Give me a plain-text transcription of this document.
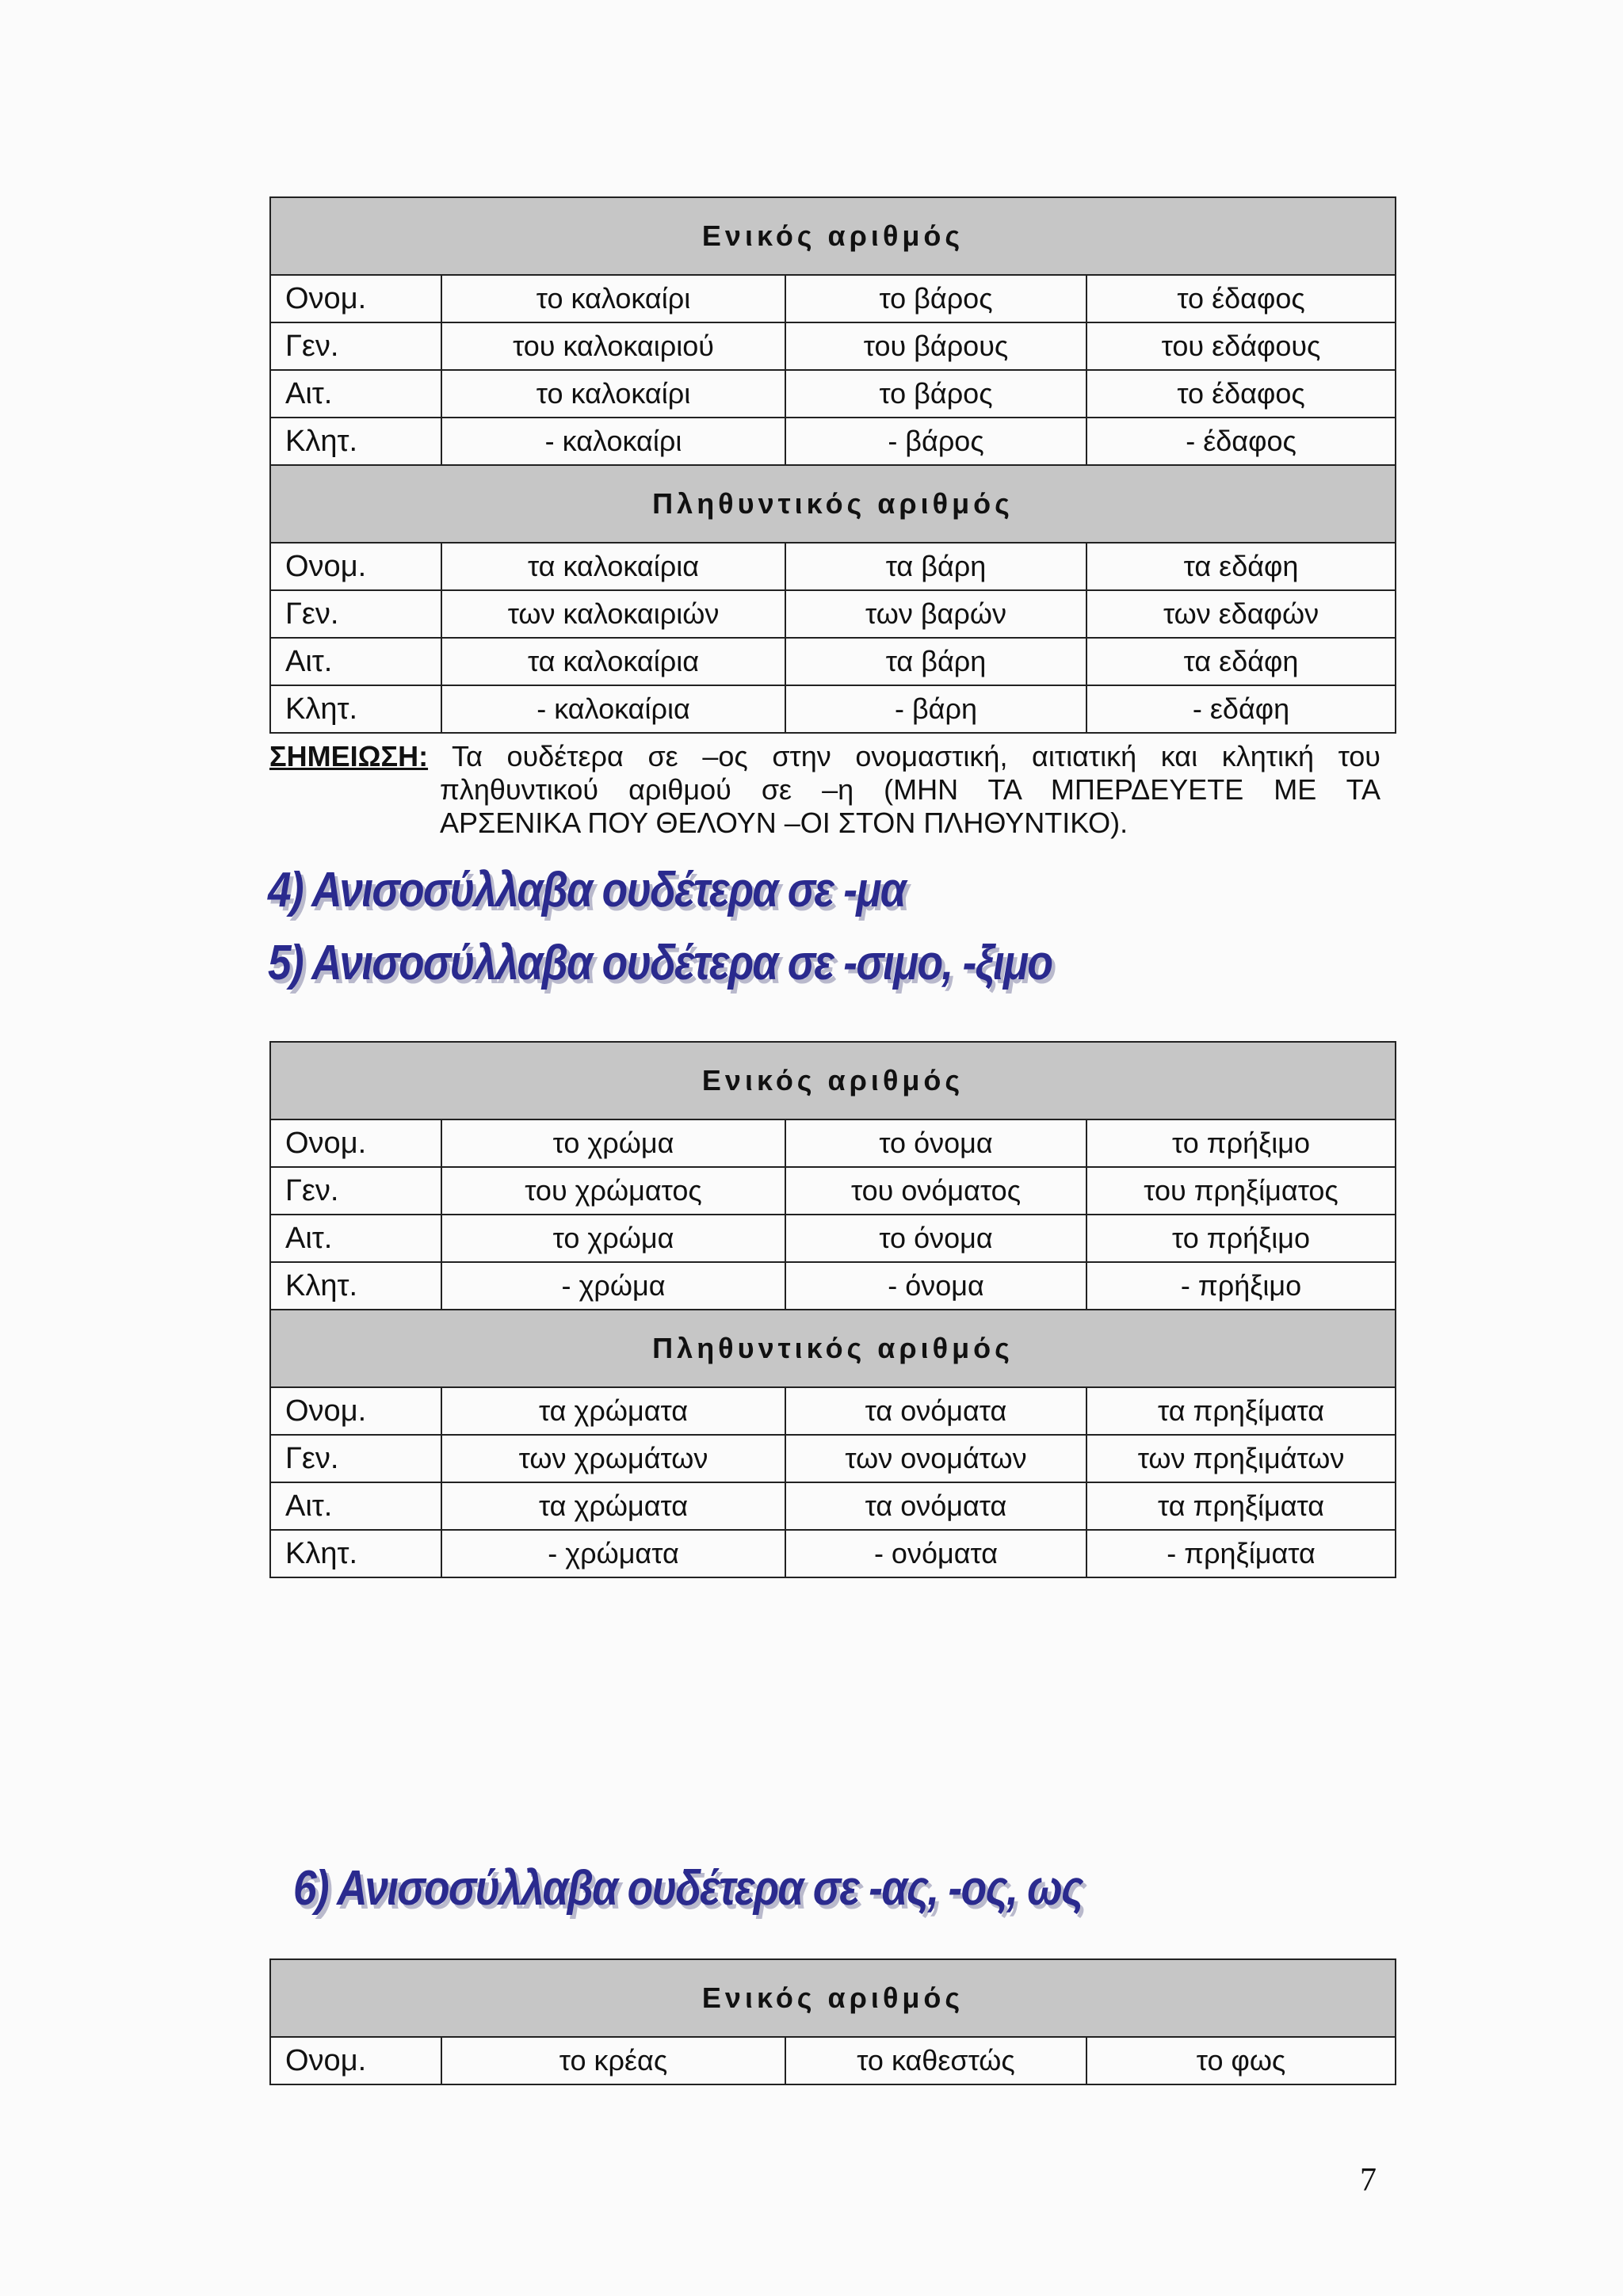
Ενικός αριθμός			
Ονομ.	το καλοκαίρι	το βάρος	το έδαφος
Γεν.	του καλοκαιριού	του βάρους	του εδάφους
Αιτ.	το καλοκαίρι	το βάρος	το έδαφος
Κλητ.	- καλοκαίρι	- βάρος	- έδαφος
Πληθυντικός αριθμός			
Ονομ.	τα καλοκαίρια	τα βάρη	τα εδάφη
Γεν.	των καλοκαιριών	των βαρών	των εδαφών
Αιτ.	τα καλοκαίρια	τα βάρη	τα εδάφη
Κλητ.	- καλοκαίρια	- βάρη	- εδάφη
ΣΗΜΕΙΩΣΗ: Τα ουδέτερα σε –ος στην ονομαστική, αιτιατική και κλητική του
πληθυντικού αριθμού σε –η (ΜΗΝ ΤΑ ΜΠΕΡΔΕΥΕΤΕ ΜΕ ΤΑ
ΑΡΣΕΝΙΚΑ ΠΟΥ ΘΕΛΟΥΝ –ΟΙ ΣΤΟΝ ΠΛΗΘΥΝΤΙΚΟ).
4) Ανισοσύλλαβα ουδέτερα σε -μα
5) Ανισοσύλλαβα ουδέτερα σε -σιμο, -ξιμο
Ενικός αριθμός			
Ονομ.	το χρώμα	το όνομα	το πρήξιμο
Γεν.	του χρώματος	του ονόματος	του πρηξίματος
Αιτ.	το χρώμα	το όνομα	το πρήξιμο
Κλητ.	- χρώμα	- όνομα	- πρήξιμο
Πληθυντικός αριθμός			
Ονομ.	τα χρώματα	τα ονόματα	τα πρηξίματα
Γεν.	των χρωμάτων	των ονομάτων	των πρηξιμάτων
Αιτ.	τα χρώματα	τα ονόματα	τα πρηξίματα
Κλητ.	- χρώματα	- ονόματα	- πρηξίματα
6) Ανισοσύλλαβα ουδέτερα σε -ας, -ος, ως
Ενικός αριθμός
Ονομ.	το κρέας	το καθεστώς	το φως
7
